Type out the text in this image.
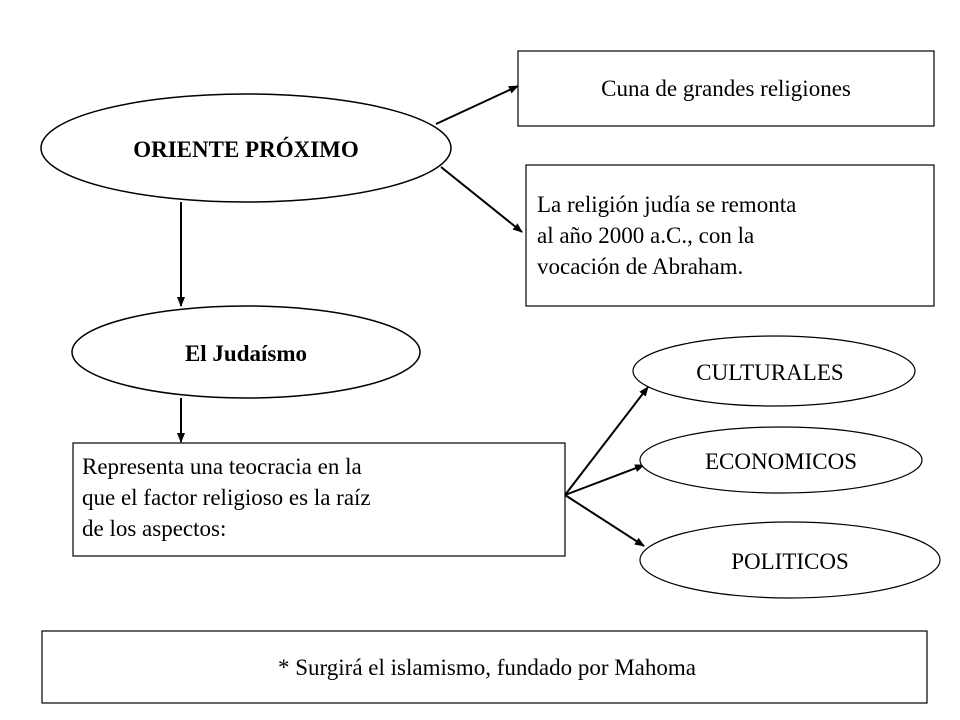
ORIENTE PRÓXIMO
Cuna de grandes religiones
La religión judía se remonta
al año 2000 a.C., con la
vocación de Abraham.
El Judaísmo
Representa una teocracia en la
que el factor religioso es la raíz
de los aspectos:
CULTURALES
ECONOMICOS
POLITICOS
* Surgirá el islamismo, fundado por Mahoma
